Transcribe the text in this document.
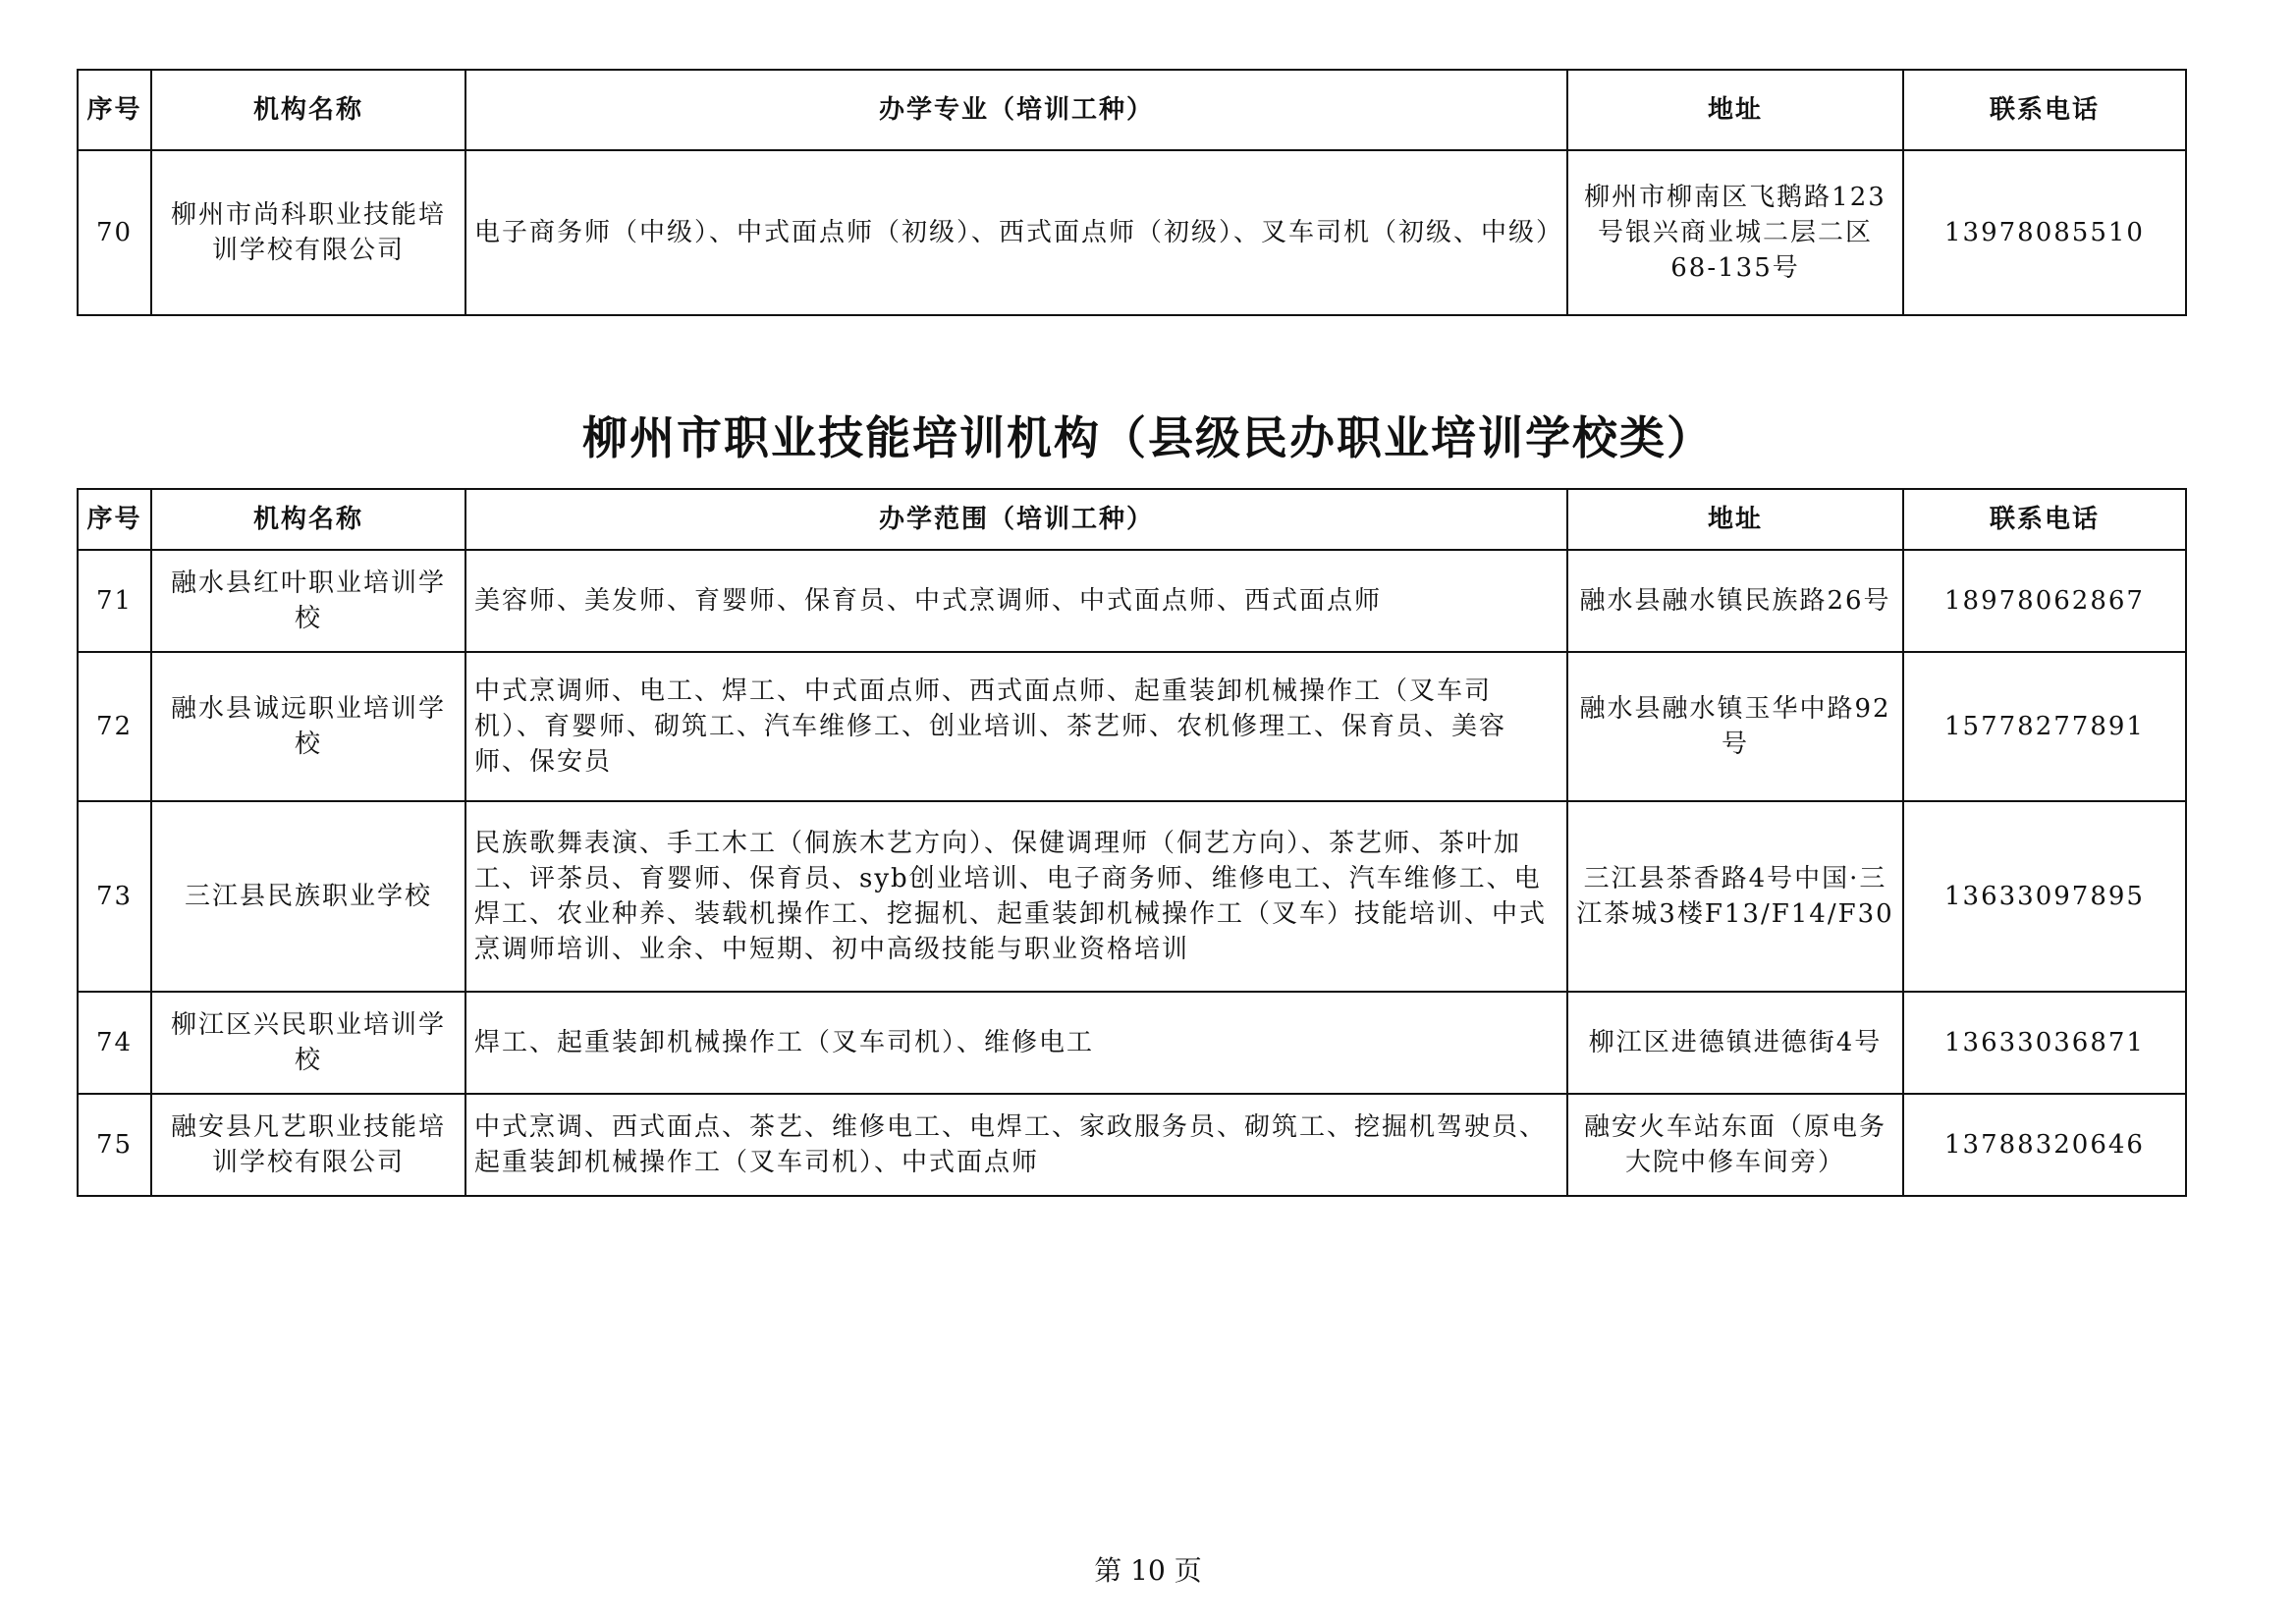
序号	机构名称	办学专业（培训工种）	地址	联系电话
70	柳州市尚科职业技能培训学校有限公司	电子商务师（中级）、中式面点师（初级）、西式面点师（初级）、叉车司机（初级、中级）	柳州市柳南区飞鹅路123号银兴商业城二层二区68-135号	13978085510
柳州市职业技能培训机构（县级民办职业培训学校类）
序号	机构名称	办学范围（培训工种）	地址	联系电话
71	融水县红叶职业培训学校	美容师、美发师、育婴师、保育员、中式烹调师、中式面点师、西式面点师	融水县融水镇民族路26号	18978062867
72	融水县诚远职业培训学校	中式烹调师、电工、焊工、中式面点师、西式面点师、起重装卸机械操作工（叉车司机）、育婴师、砌筑工、汽车维修工、创业培训、茶艺师、农机修理工、保育员、美容师、保安员	融水县融水镇玉华中路92号	15778277891
73	三江县民族职业学校	民族歌舞表演、手工木工（侗族木艺方向）、保健调理师（侗艺方向）、茶艺师、茶叶加工、评茶员、育婴师、保育员、syb创业培训、电子商务师、维修电工、汽车维修工、电焊工、农业种养、装载机操作工、挖掘机、起重装卸机械操作工（叉车）技能培训、中式烹调师培训、业余、中短期、初中高级技能与职业资格培训	三江县茶香路4号中国·三江茶城3楼F13/F14/F30	13633097895
74	柳江区兴民职业培训学校	焊工、起重装卸机械操作工（叉车司机）、维修电工	柳江区进德镇进德街4号	13633036871
75	融安县凡艺职业技能培训学校有限公司	中式烹调、西式面点、茶艺、维修电工、电焊工、家政服务员、砌筑工、挖掘机驾驶员、起重装卸机械操作工（叉车司机）、中式面点师	融安火车站东面（原电务大院中修车间旁）	13788320646
第 10 页
